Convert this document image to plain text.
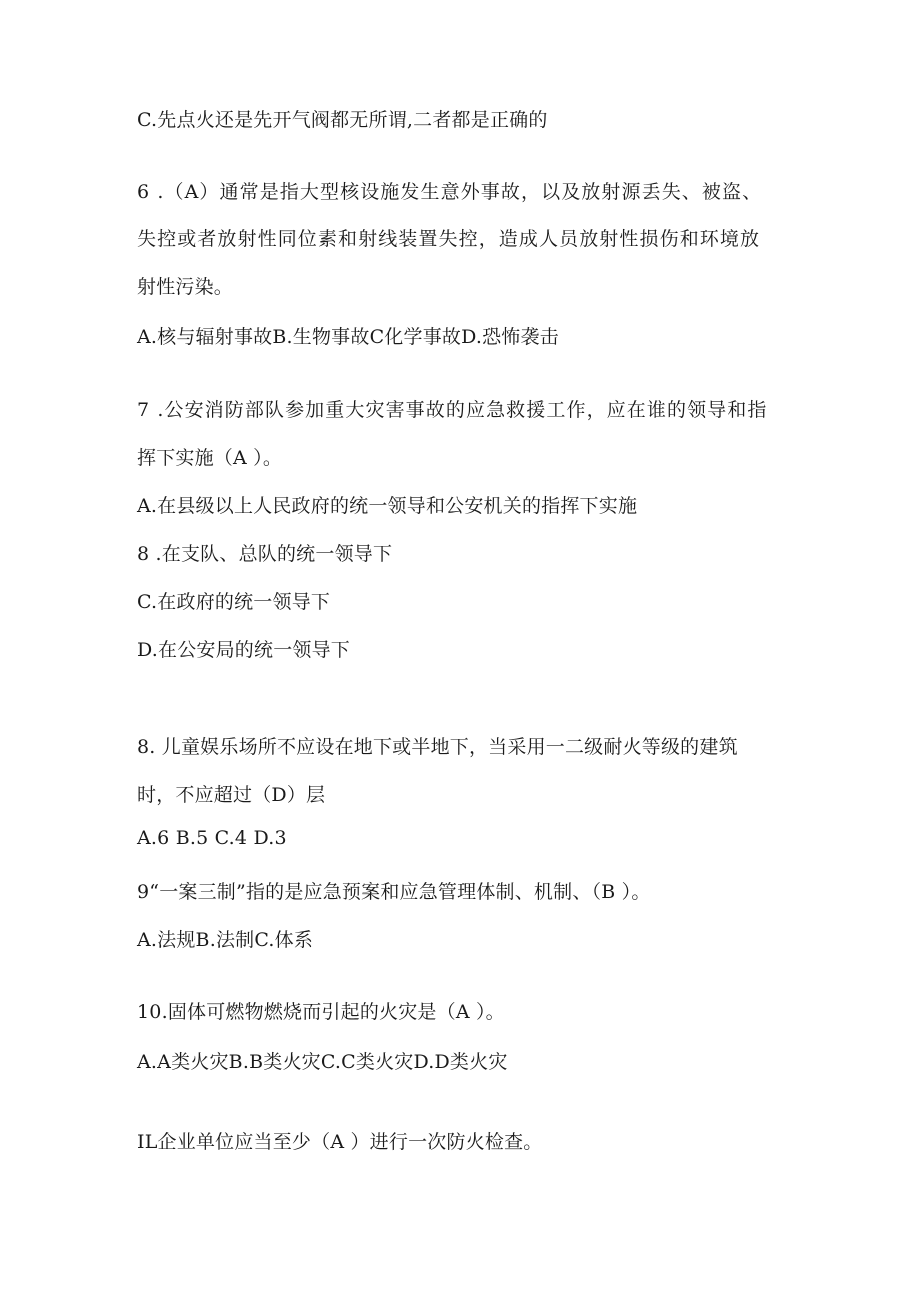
C.先点火还是先开气阀都无所谓,二者都是正确的
6 .（A）通常是指大型核设施发生意外事故，以及放射源丢失、被盗、
失控或者放射性同位素和射线装置失控，造成人员放射性损伤和环境放
射性污染。
A.核与辐射事故B.生物事故C化学事故D.恐怖袭击
7 .公安消防部队参加重大灾害事故的应急救援工作，应在谁的领导和指
挥下实施（A ）。
A.在县级以上人民政府的统一领导和公安机关的指挥下实施
8 .在支队、总队的统一领导下
C.在政府的统一领导下
D.在公安局的统一领导下
8. 儿童娱乐场所不应设在地下或半地下，当采用一二级耐火等级的建筑
时，不应超过（D）层
A.6 B.5 C.4 D.3
9“一案三制”指的是应急预案和应急管理体制、机制、（B ）。
A.法规B.法制C.体系
10.固体可燃物燃烧而引起的火灾是（A ）。
A.A类火灾B.B类火灾C.C类火灾D.D类火灾
IL企业单位应当至少（A ）进行一次防火检查。
